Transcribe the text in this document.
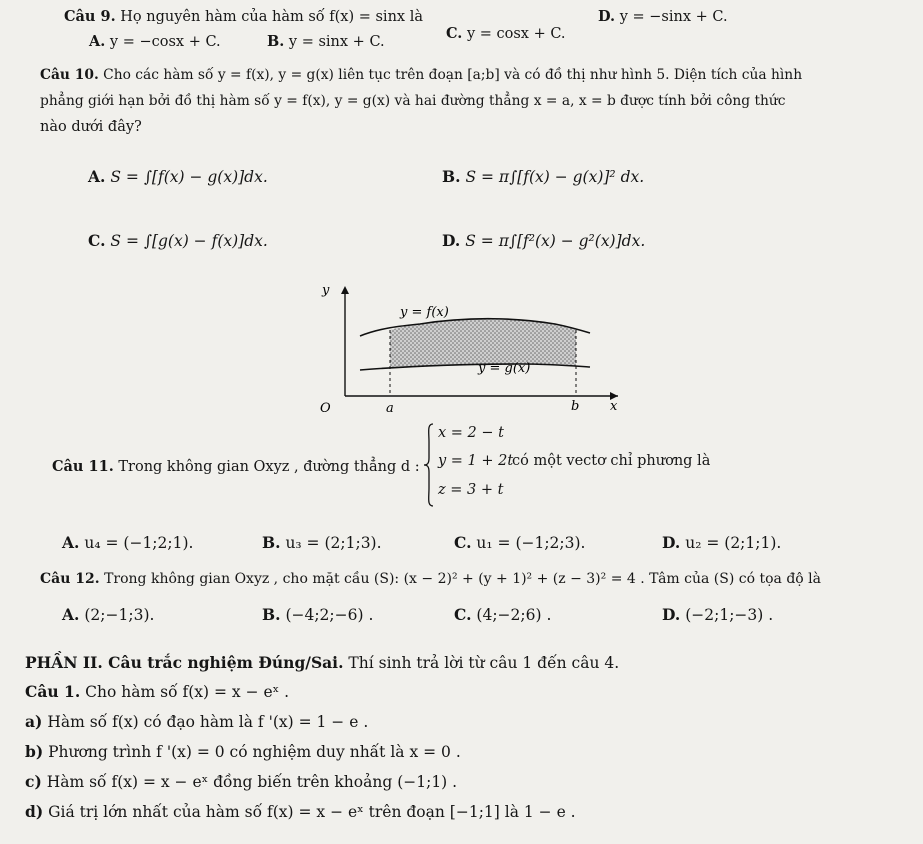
Câu 9. Họ nguyên hàm của hàm số f(x) = sinx là	D. y = −sinx + C.
A. y = −cosx + C.	B. y = sinx + C.	C. y = cosx + C.
Câu 10. Cho các hàm số y = f(x), y = g(x) liên tục trên đoạn [a;b] và có đồ thị như hình 5. Diện tích của hình
phẳng giới hạn bởi đồ thị hàm số y = f(x), y = g(x) và hai đường thẳng x = a, x = b được tính bởi công thức
nào dưới đây?
A. S = ∫[f(x) − g(x)]dx.	B. S = π∫[f(x) − g(x)]² dx.
C. S = ∫[g(x) − f(x)]dx.	D. S = π∫[f²(x) − g²(x)]dx.
y
x
O	a	b
y = f(x)
y = g(x)
Câu 11. Trong không gian Oxyz , đường thẳng d :
x = 2 − t
y = 1 + 2t
z = 3 + t
có một vectơ chỉ phương là
A. u₄ = (−1;2;1).	B. u₃ = (2;1;3).	C. u₁ = (−1;2;3).	D. u₂ = (2;1;1).
Câu 12. Trong không gian Oxyz , cho mặt cầu (S): (x − 2)² + (y + 1)² + (z − 3)² = 4 . Tâm của (S) có tọa độ là
A. (2;−1;3).	B. (−4;2;−6) .	C. (4;−2;6) .	D. (−2;1;−3) .
PHẦN II. Câu trắc nghiệm Đúng/Sai. Thí sinh trả lời từ câu 1 đến câu 4.
Câu 1. Cho hàm số f(x) = x − eˣ .
a) Hàm số f(x) có đạo hàm là f '(x) = 1 − e .
b) Phương trình f '(x) = 0 có nghiệm duy nhất là x = 0 .
c) Hàm số f(x) = x − eˣ đồng biến trên khoảng (−1;1) .
d) Giá trị lớn nhất của hàm số f(x) = x − eˣ trên đoạn [−1;1] là 1 − e .
